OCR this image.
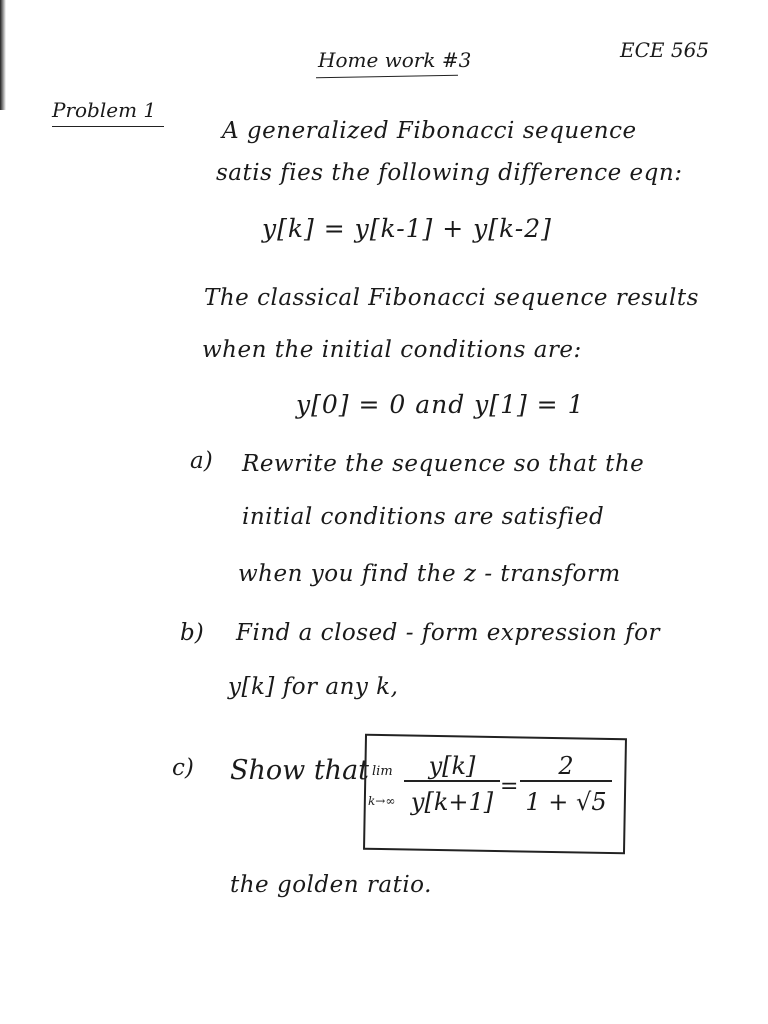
Home work #3	ECE 565
Problem 1
A generalized Fibonacci sequence
satis fies the following difference eqn:
y[k] = y[k-1] + y[k-2]
The classical Fibonacci sequence results
when the initial conditions are:
y[0] = 0 and y[1] = 1
a) Rewrite the sequence so that the
initial conditions are satisfied
when you find the z - transform
b) Find a closed - form expression for
y[k] for any k,
c) Show that lim
$k\to\infty \frac{y[k]}{y[k+1]} = \frac{2}{1 + √5}$
the golden ratio.
